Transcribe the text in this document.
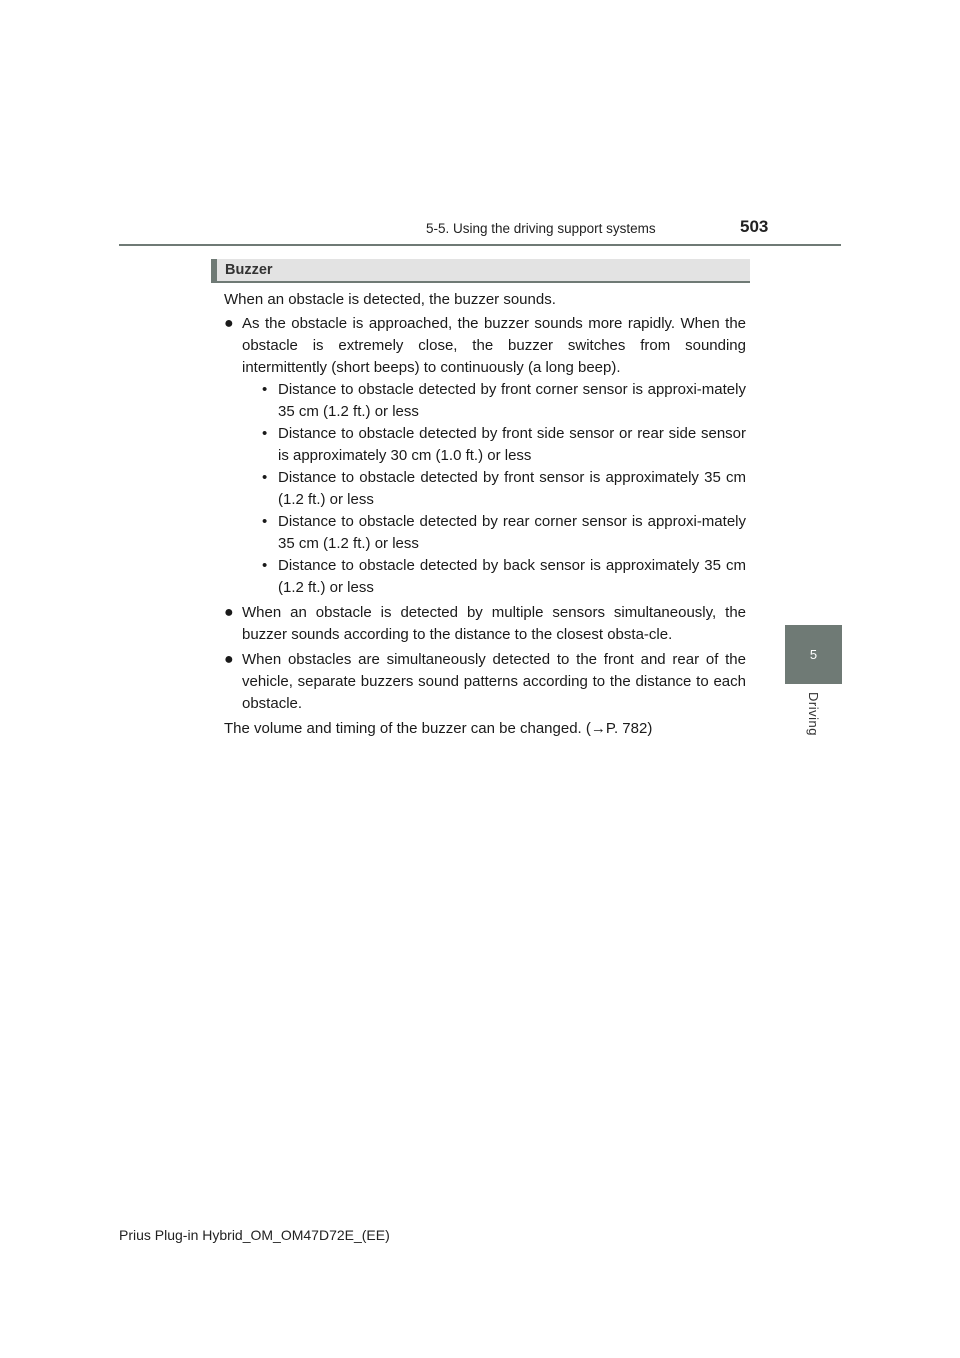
5-5. Using the driving support systems	503
5
Driving
Buzzer

When an obstacle is detected, the buzzer sounds.

● As the obstacle is approached, the buzzer sounds more rapidly. When the obstacle is extremely close, the buzzer switches from sounding intermittently (short beeps) to continuously (a long beep).

• Distance to obstacle detected by front corner sensor is approxi-mately 35 cm (1.2 ft.) or less

• Distance to obstacle detected by front side sensor or rear side sensor is approximately 30 cm (1.0 ft.) or less

• Distance to obstacle detected by front sensor is approximately 35 cm (1.2 ft.) or less

• Distance to obstacle detected by rear corner sensor is approxi-mately 35 cm (1.2 ft.) or less

• Distance to obstacle detected by back sensor is approximately 35 cm (1.2 ft.) or less

● When an obstacle is detected by multiple sensors simultaneously, the buzzer sounds according to the distance to the closest obsta-cle.

● When obstacles are simultaneously detected to the front and rear of the vehicle, separate buzzers sound patterns according to the distance to each obstacle.

The volume and timing of the buzzer can be changed. (→P. 782)

Prius Plug-in Hybrid_OM_OM47D72E_(EE)
